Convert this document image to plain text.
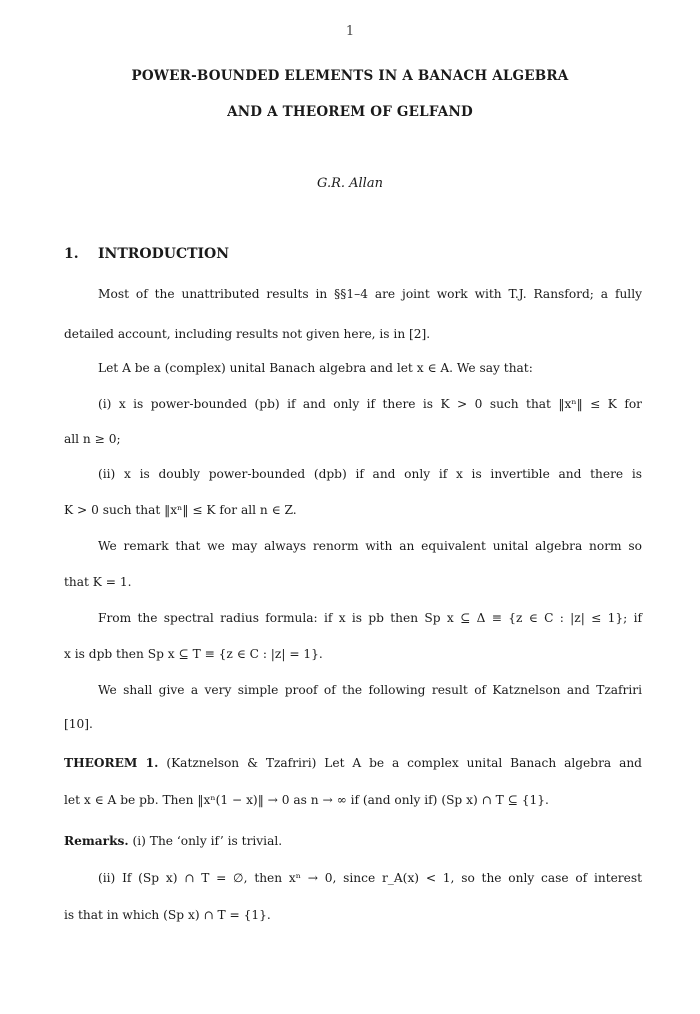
1
POWER-BOUNDED ELEMENTS IN A BANACH ALGEBRA
AND A THEOREM OF GELFAND
G.R. Allan
1. INTRODUCTION
Most of the unattributed results in §§1–4 are joint work with T.J. Ransford; a fully
detailed account, including results not given here, is in [2].
Let A be a (complex) unital Banach algebra and let x ∈ A. We say that:
(i) x is power-bounded (pb) if and only if there is K > 0 such that ‖xⁿ‖ ≤ K for
all n ≥ 0;
(ii) x is doubly power-bounded (dpb) if and only if x is invertible and there is
K > 0 such that ‖xⁿ‖ ≤ K for all n ∈ Z.
We remark that we may always renorm with an equivalent unital algebra norm so
that K = 1.
From the spectral radius formula: if x is pb then Sp x ⊆ Δ ≡ {z ∈ C : |z| ≤ 1}; if
x is dpb then Sp x ⊆ T ≡ {z ∈ C : |z| = 1}.
We shall give a very simple proof of the following result of Katznelson and Tzafriri
[10].
THEOREM 1. (Katznelson & Tzafriri) Let A be a complex unital Banach algebra and
let x ∈ A be pb. Then ‖xⁿ(1 − x)‖ → 0 as n → ∞ if (and only if) (Sp x) ∩ T ⊆ {1}.
Remarks. (i) The ‘only if’ is trivial.
(ii) If (Sp x) ∩ T = ∅, then xⁿ → 0, since r_A(x) < 1, so the only case of interest
is that in which (Sp x) ∩ T = {1}.
